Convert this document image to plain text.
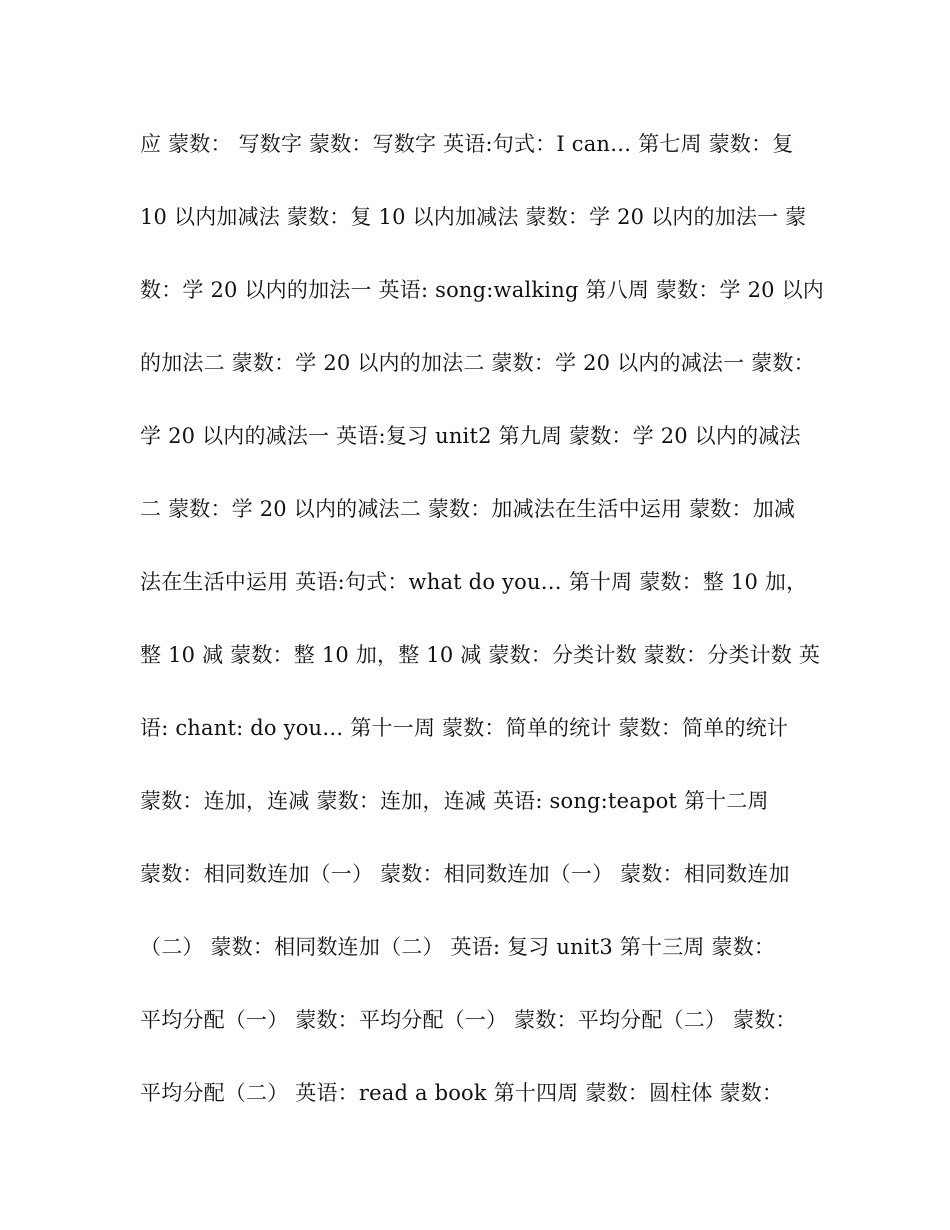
应 蒙数： 写数字 蒙数：写数字 英语:句式：I can… 第七周 蒙数：复
10 以内加减法 蒙数：复 10 以内加减法 蒙数：学 20 以内的加法一 蒙
数：学 20 以内的加法一 英语: song:walking 第八周 蒙数：学 20 以内
的加法二 蒙数：学 20 以内的加法二 蒙数：学 20 以内的减法一 蒙数：
学 20 以内的减法一 英语:复习 unit2 第九周 蒙数：学 20 以内的减法
二 蒙数：学 20 以内的减法二 蒙数：加减法在生活中运用 蒙数：加减
法在生活中运用 英语:句式：what do you… 第十周 蒙数：整 10 加，
整 10 减 蒙数：整 10 加，整 10 减 蒙数：分类计数 蒙数：分类计数 英
语: chant: do you… 第十一周 蒙数：简单的统计 蒙数：简单的统计
蒙数：连加，连减 蒙数：连加，连减 英语: song:teapot 第十二周
蒙数：相同数连加（一） 蒙数：相同数连加（一） 蒙数：相同数连加
（二） 蒙数：相同数连加（二） 英语: 复习 unit3 第十三周 蒙数：
平均分配（一） 蒙数：平均分配（一） 蒙数：平均分配（二） 蒙数：
平均分配（二） 英语：read a book 第十四周 蒙数：圆柱体 蒙数：
